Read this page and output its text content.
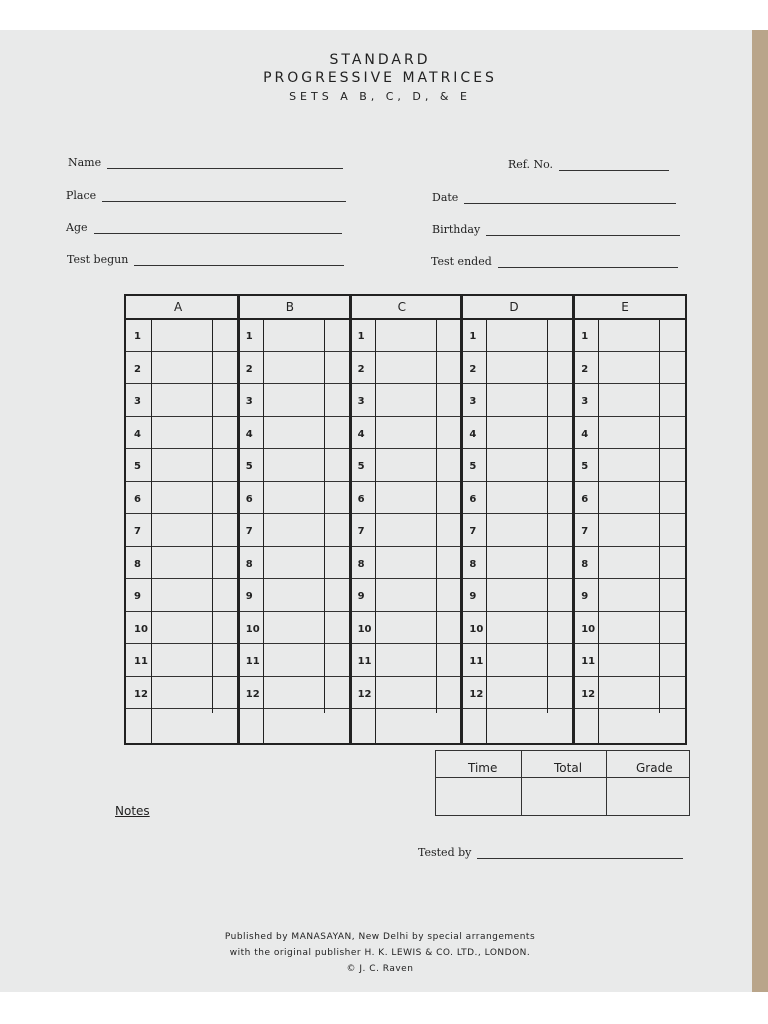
STANDARD
PROGRESSIVE MATRICES
SETS A B, C, D, & E
Name
Place
Age
Test begun
Ref. No.
Date
Birthday
Test ended
A
1
2
3
4
5
6
7
8
9
10
11
12
B
1
2
3
4
5
6
7
8
9
10
11
12
C
1
2
3
4
5
6
7
8
9
10
11
12
D
1
2
3
4
5
6
7
8
9
10
11
12
E
1
2
3
4
5
6
7
8
9
10
11
12
Time	Total	Grade
Notes
Tested by
Published by MANASAYAN, New Delhi by special arrangements
with the original publisher H. K. LEWIS & CO. LTD., LONDON.
© J. C. Raven
